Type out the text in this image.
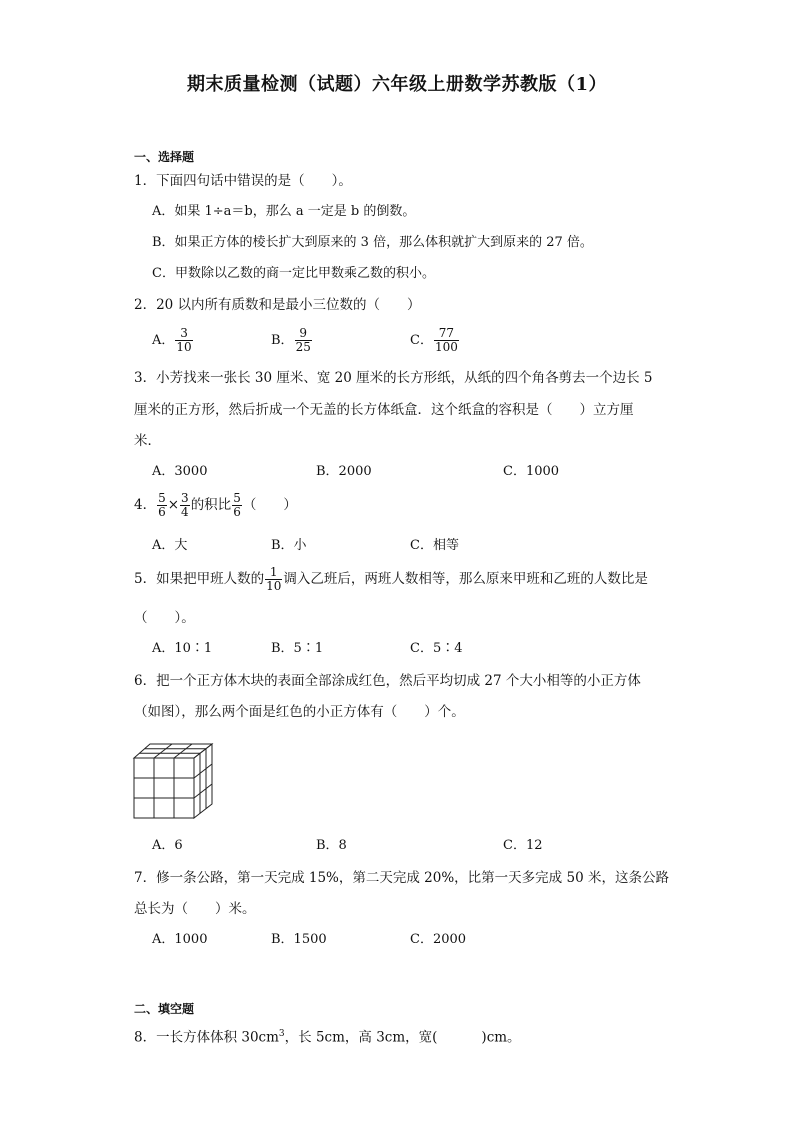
期末质量检测（试题）六年级上册数学苏教版（1）
一、选择题
1．下面四句话中错误的是（　　）。
A．如果 1÷a＝b，那么 a 一定是 b 的倒数。
B．如果正方体的棱长扩大到原来的 3 倍，那么体积就扩大到原来的 27 倍。
C．甲数除以乙数的商一定比甲数乘乙数的积小。
2．20 以内所有质数和是最小三位数的（　　）
A． $\frac{3}{10}$	B． $\frac{9}{25}$	C． $\frac{77}{100}$
3．小芳找来一张长 30 厘米、宽 20 厘米的长方形纸，从纸的四个角各剪去一个边长 5
厘米的正方形，然后折成一个无盖的长方体纸盒．这个纸盒的容积是（　　）立方厘
米．
A．3000	B．2000	C．1000
4． $\frac{5}{6} \times \frac{3}{4}$ 的积比 $\frac{5}{6}$ （　　）
A．大	B．小	C．相等
5．如果把甲班人数的 $\frac{1}{10}$ 调入乙班后，两班人数相等，那么原来甲班和乙班的人数比是
（　　）。
A．10∶1	B．5∶1	C．5∶4
6．把一个正方体木块的表面全部涂成红色，然后平均切成 27 个大小相等的小正方体
（如图），那么两个面是红色的小正方体有（　　）个。
A．6	B．8	C．12
7．修一条公路，第一天完成 15%，第二天完成 20%，比第一天多完成 50 米，这条公路
总长为（　　）米。
A．1000	B．1500	C．2000
二、填空题
8．一长方体体积 $30cm^3$，长 5cm，高 3cm，宽(	)cm。
